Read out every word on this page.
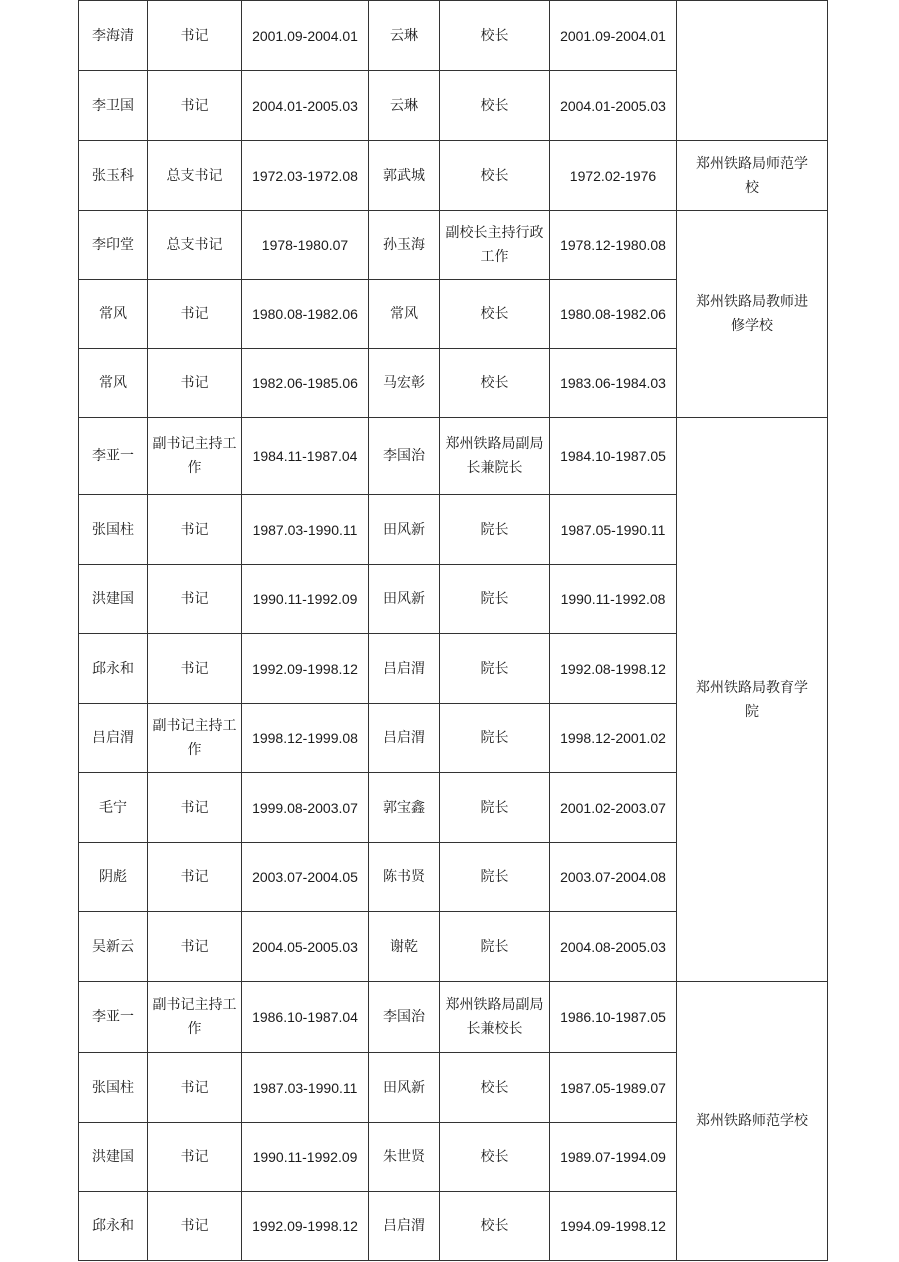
李海清	书记	2001.09-2004.01	云琳	校长	2001.09-2004.01	
李卫国	书记	2004.01-2005.03	云琳	校长	2004.01-2005.03	
张玉科	总支书记	1972.03-1972.08	郭武城	校长	1972.02-1976	郑州铁路局师范学校
李印堂	总支书记	1978-1980.07	孙玉海	副校长主持行政工作	1978.12-1980.08	郑州铁路局教师进修学校
常风	书记	1980.08-1982.06	常风	校长	1980.08-1982.06	
常风	书记	1982.06-1985.06	马宏彰	校长	1983.06-1984.03	
李亚一	副书记主持工作	1984.11-1987.04	李国治	郑州铁路局副局长兼院长	1984.10-1987.05	郑州铁路局教育学院
张国柱	书记	1987.03-1990.11	田风新	院长	1987.05-1990.11	
洪建国	书记	1990.11-1992.09	田风新	院长	1990.11-1992.08	
邱永和	书记	1992.09-1998.12	吕启渭	院长	1992.08-1998.12	
吕启渭	副书记主持工作	1998.12-1999.08	吕启渭	院长	1998.12-2001.02	
毛宁	书记	1999.08-2003.07	郭宝鑫	院长	2001.02-2003.07	
阴彪	书记	2003.07-2004.05	陈书贤	院长	2003.07-2004.08	
吴新云	书记	2004.05-2005.03	谢乾	院长	2004.08-2005.03	
李亚一	副书记主持工作	1986.10-1987.04	李国治	郑州铁路局副局长兼校长	1986.10-1987.05	郑州铁路师范学校
张国柱	书记	1987.03-1990.11	田风新	校长	1987.05-1989.07	
洪建国	书记	1990.11-1992.09	朱世贤	校长	1989.07-1994.09	
邱永和	书记	1992.09-1998.12	吕启渭	校长	1994.09-1998.12	
